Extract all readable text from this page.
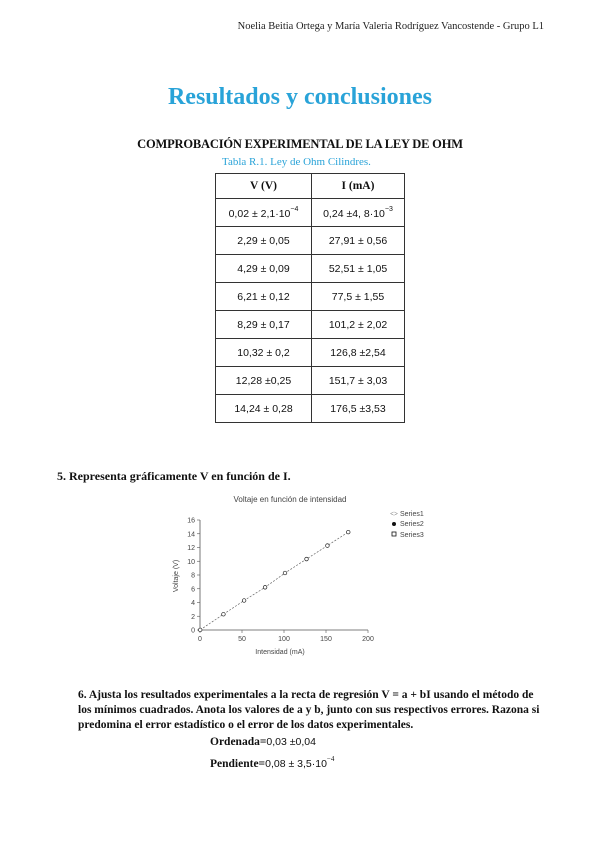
Noelia Beitia Ortega y María Valeria Rodríguez Vancostende - Grupo L1
Resultados y conclusiones
COMPROBACIÓN EXPERIMENTAL DE LA LEY DE OHM
Tabla R.1. Ley de Ohm Cilindres.
V (V)	I (mA)
$0,02 \pm 2,1\cdot 10^{-4}$	0,24 ±4, $8\cdot 10^{-3}$
2,29 ± 0,05	27,91 ± 0,56
4,29 ± 0,09	52,51 ± 1,05
6,21 ± 0,12	77,5 ± 1,55
8,29 ± 0,17	101,2 ± 2,02
10,32 ± 0,2	126,8 ±2,54
12,28 ±0,25	151,7 ± 3,03
14,24 ± 0,28	176,5 ±3,53
5. Representa gráficamente V en función de I.
Voltaje en función de intensidad
0	50	100	150	200
0
2
4
6
8
10
12
14
16
Intensidad (mA)
Voltaje (V)
<> Series1
Series2
Series3
6. Ajusta los resultados experimentales a la recta de regresión V = a + bI usando el método de los mínimos cuadrados. Anota los valores de a y b, junto con sus respectivos errores. Razona si predomina el error estadístico o el error de los datos experimentales.
Ordenada=0,03 ±0,04
Pendiente=0,08 ± $3,5\cdot 10^{-4}$
